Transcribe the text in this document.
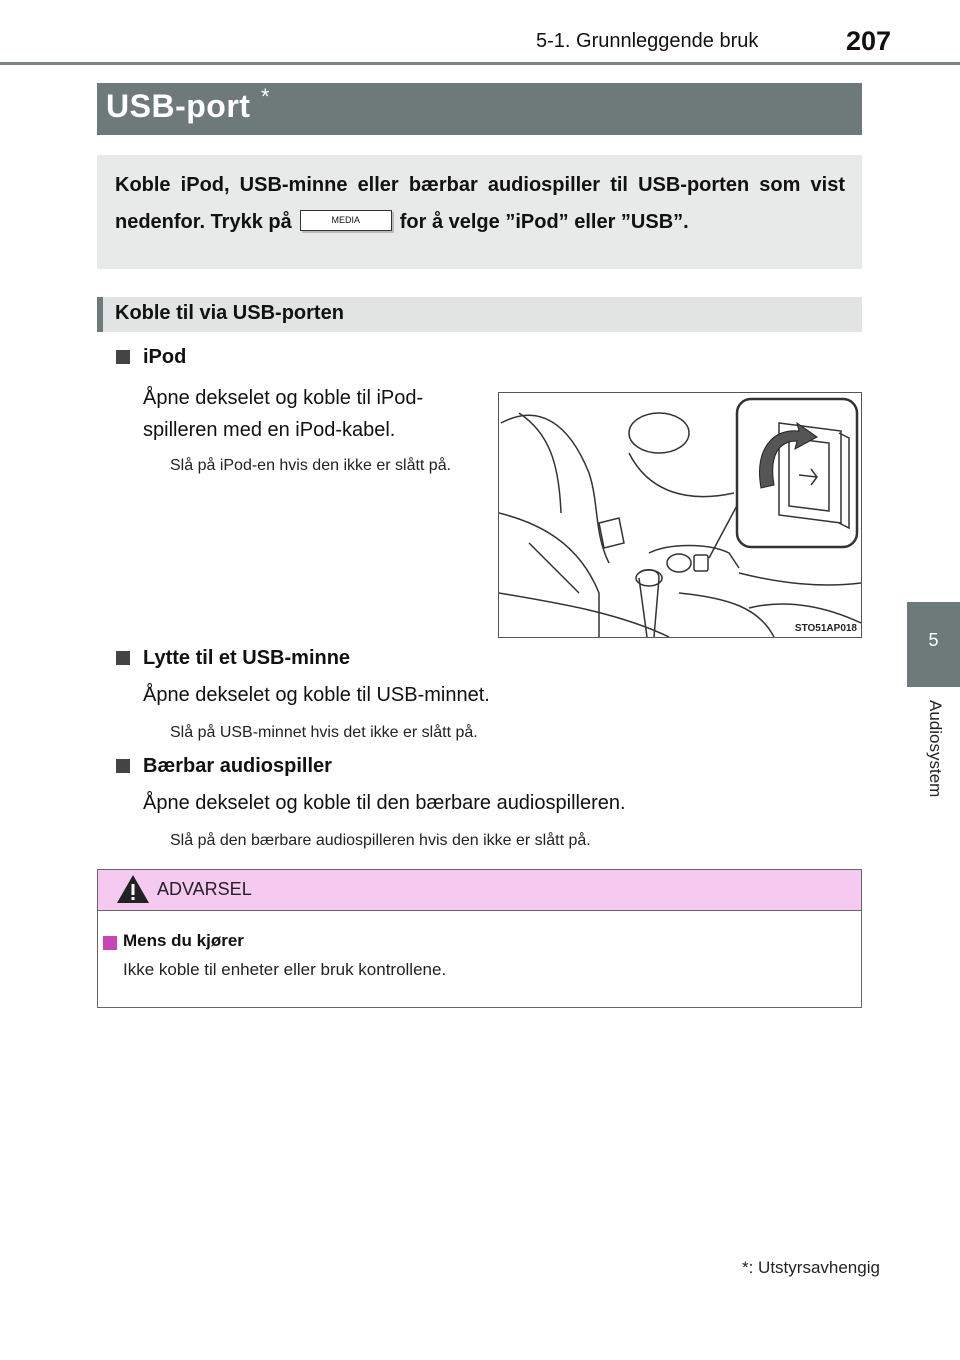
5-1. Grunnleggende bruk	207
5
Audiosystem
USB-port *
Koble iPod, USB-minne eller bærbar audiospiller til USB-porten som vist nedenfor. Trykk på	MEDIA for å velge ”iPod” eller ”USB”.
Koble til via USB-porten
iPod
Åpne dekselet og koble til iPod-spilleren med en iPod-kabel.
Slå på iPod-en hvis den ikke er slått på.
STO51AP018
Lytte til et USB-minne
Åpne dekselet og koble til USB-minnet.
Slå på USB-minnet hvis det ikke er slått på.
Bærbar audiospiller
Åpne dekselet og koble til den bærbare audiospilleren.
Slå på den bærbare audiospilleren hvis den ikke er slått på.
ADVARSEL
Mens du kjører
Ikke koble til enheter eller bruk kontrollene.
*: Utstyrsavhengig
